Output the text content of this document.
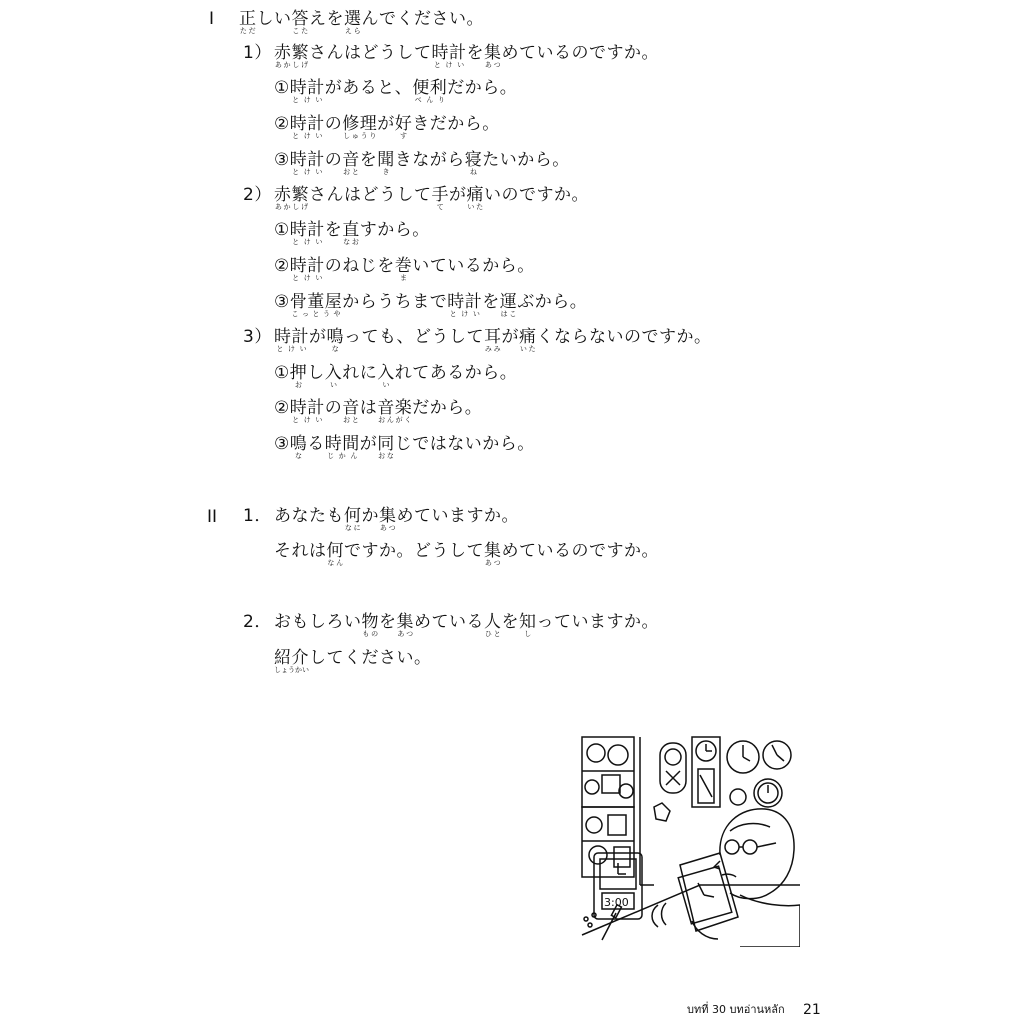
I 正ただしい答こたえを選えらんでください。
1） 赤繁あかしげさんはどうして時計とけいを集あつめているのですか。
①時計とけいがあると、便利べんりだから。
②時計とけいの修理しゅうりが好すきだから。
③時計とけいの音おとを聞ききながら寝ねたいから。
2） 赤繁あかしげさんはどうして手てが痛いたいのですか。
①時計とけいを直なおすから。
②時計とけいのねじを巻まいているから。
③骨董屋こっとうやからうちまで時計とけいを運はこぶから。
3） 時計とけいが鳴なっても、どうして耳みみが痛いたくならないのですか。
①押おし入いれに入いれてあるから。
②時計とけいの音おとは音楽おんがくだから。
③鳴なる時間じかんが同おなじではないから。
II 1． あなたも何なにか集あつめていますか。
それは何なんですか。どうして集あつめているのですか。
2． おもしろい物ものを集あつめている人ひとを知しっていますか。
紹介しょうかいしてください。
3:00
บทที่ 30 บทอ่านหลัก 21
